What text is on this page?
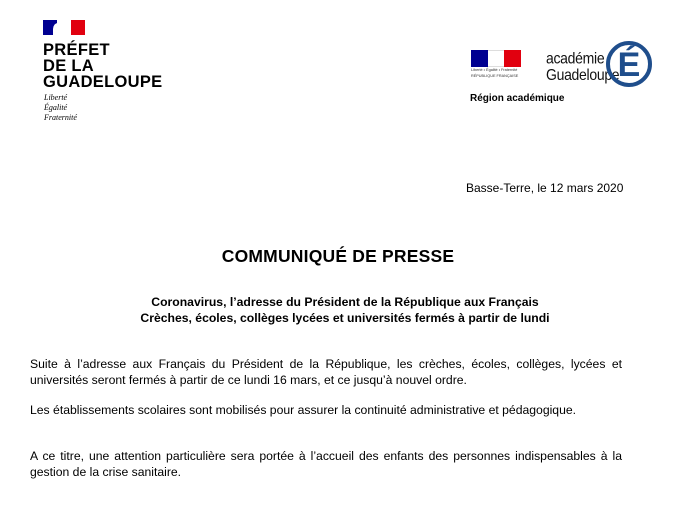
PRÉFET
DE LA
GUADELOUPE
Liberté
Égalité
Fraternité
Liberté • Égalité • Fraternité
RÉPUBLIQUE FRANÇAISE
académie
Guadeloupe
É
Région académique
Basse-Terre, le 12 mars 2020
COMMUNIQUÉ DE PRESSE
Coronavirus, l’adresse du Président de la République aux Français
Crèches, écoles, collèges lycées et universités fermés à partir de lundi
Suite à l’adresse aux Français du Président de la République, les crèches, écoles, collèges, lycées et universités seront fermés à partir de ce lundi 16 mars, et ce jusqu’à nouvel ordre.
Les établissements scolaires sont mobilisés pour assurer la continuité administrative et pédagogique.
A ce titre, une attention particulière sera portée à l’accueil des enfants des personnes indispensables à la gestion de la crise sanitaire.
